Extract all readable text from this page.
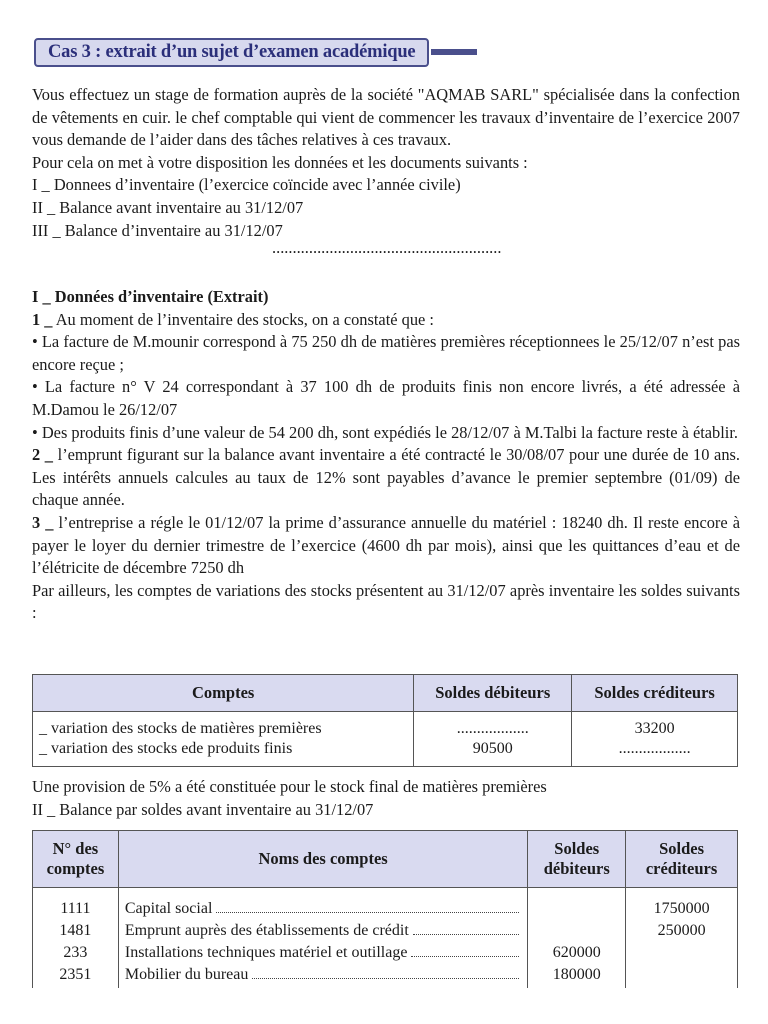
Cas 3 : extrait d’un sujet d’examen académique

Vous effectuez un stage de formation auprès de la société "AQMAB SARL" spécialisée dans la confection de vêtements en cuir. le chef comptable qui vient de commencer les travaux d’inventaire de l’exercice 2007 vous demande de l’aider dans des tâches relatives à ces travaux.

Pour cela on met à votre disposition les données et les documents suivants :

I _ Donnees d’inventaire (l’exercice coïncide avec l’année civile)

II _ Balance avant inventaire au 31/12/07

III _ Balance d’inventaire au 31/12/07

........................................................

I _ Données d’inventaire (Extrait)

1 _ Au moment de l’inventaire des stocks, on a constaté que :

• La facture de M.mounir correspond à 75 250 dh de matières premières réceptionnees le 25/12/07 n’est pas encore reçue ;

• La facture n° V 24 correspondant à 37 100 dh de produits finis non encore livrés, a été adressée à M.Damou le 26/12/07

• Des produits finis d’une valeur de 54 200 dh, sont expédiés le 28/12/07 à M.Talbi la facture reste à établir.

2 _ l’emprunt figurant sur la balance avant inventaire a été contracté le 30/08/07 pour une durée de 10 ans. Les intérêts annuels calcules au taux de 12% sont payables d’avance le premier septembre (01/09) de chaque année.

3 _ l’entreprise a régle le 01/12/07 la prime d’assurance annuelle du matériel : 18240 dh. Il reste encore à payer le loyer du dernier trimestre de l’exercice (4600 dh par mois), ainsi que les quittances d’eau et de l’élétricite de décembre 7250 dh

Par ailleurs, les comptes de variations des stocks présentent au 31/12/07 après inventaire les soldes suivants :

Comptes	Soldes débiteurs	Soldes créditeurs
_ variation des stocks de matières premières	..................	33200
_ variation des stocks ede produits finis	90500	..................

Une provision de 5% a été constituée pour le stock final de matières premières

II _ Balance par soldes avant inventaire au 31/12/07

N° des comptes	Noms des comptes	Soldes débiteurs	Soldes créditeurs
1111	Capital social		1750000
1481	Emprunt auprès des établissements de crédit		250000
233	Installations techniques matériel et outillage	620000	
2351	Mobilier du bureau	180000	
